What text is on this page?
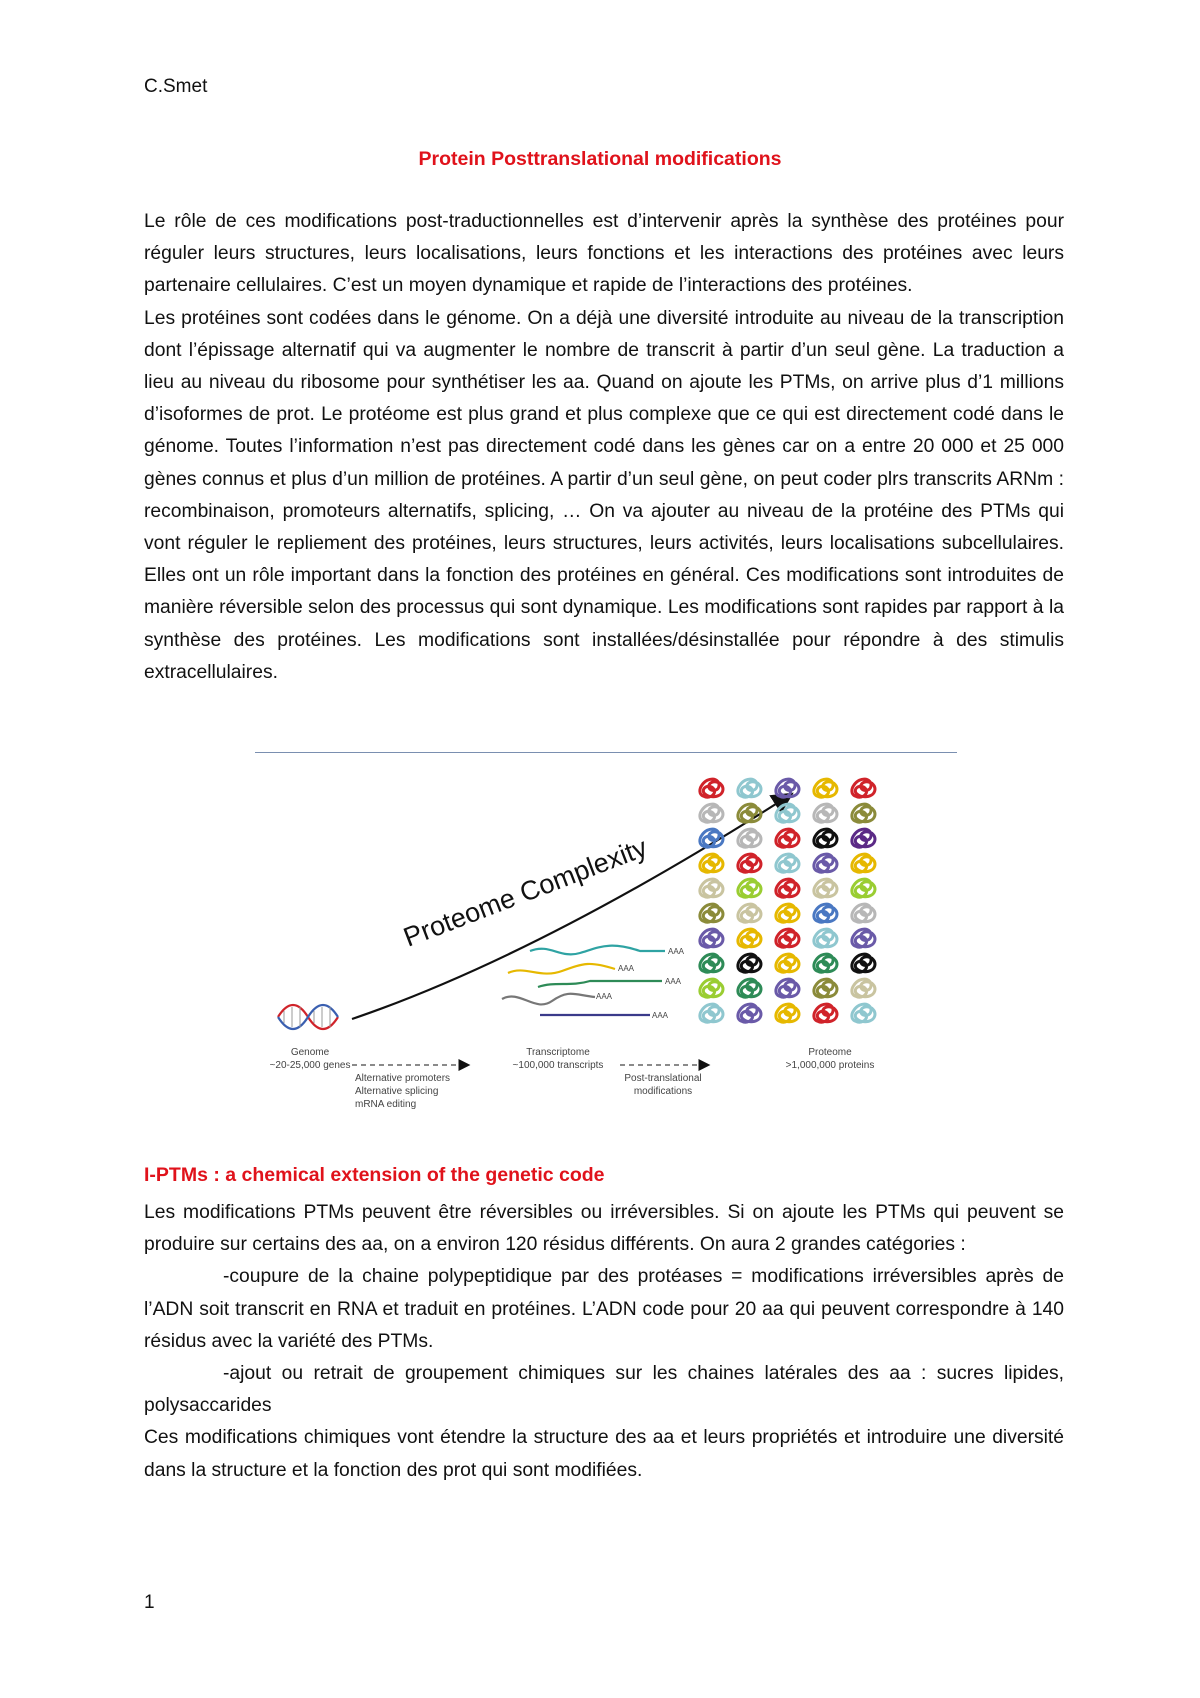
C.Smet
Protein Posttranslational modifications

Le rôle de ces modifications post-traductionnelles est d’intervenir après la synthèse des protéines pour réguler leurs structures, leurs localisations, leurs fonctions et les interactions des protéines avec leurs partenaire cellulaires. C’est un moyen dynamique et rapide de l’interactions des protéines.

Les protéines sont codées dans le génome. On a déjà une diversité introduite au niveau de la transcription dont l’épissage alternatif qui va augmenter le nombre de transcrit à partir d’un seul gène. La traduction a lieu au niveau du ribosome pour synthétiser les aa. Quand on ajoute les PTMs, on arrive plus d’1 millions d’isoformes de prot. Le protéome est plus grand et plus complexe que ce qui est directement codé dans le génome. Toutes l’information n’est pas directement codé dans les gènes car on a entre 20 000 et 25 000 gènes connus et plus d’un million de protéines. A partir d’un seul gène, on peut coder plrs transcrits ARNm : recombinaison, promoteurs alternatifs, splicing, … On va ajouter au niveau de la protéine des PTMs qui vont réguler le repliement des protéines, leurs structures, leurs activités, leurs localisations subcellulaires. Elles ont un rôle important dans la fonction des protéines en général. Ces modifications sont introduites de manière réversible selon des processus qui sont dynamique. Les modifications sont rapides par rapport à la synthèse des protéines. Les modifications sont installées/désinstallée pour répondre à des stimulis extracellulaires.

Proteome Complexity AAA
AAA
AAA
AAA
AAA
Genome
~20-25,000 genes
Transcriptome
~100,000 transcripts
Proteome
>1,000,000 proteins
Alternative promoters
Alternative splicing
mRNA editing
Post-translational
modifications
I-PTMs : a chemical extension of the genetic code

Les modifications PTMs peuvent être réversibles ou irréversibles. Si on ajoute les PTMs qui peuvent se produire sur certains des aa, on a environ 120 résidus différents. On aura 2 grandes catégories :

-coupure de la chaine polypeptidique par des protéases = modifications irréversibles après de l’ADN soit transcrit en RNA et traduit en protéines. L’ADN code pour 20 aa qui peuvent correspondre à 140 résidus avec la variété des PTMs.

-ajout ou retrait de groupement chimiques sur les chaines latérales des aa : sucres lipides, polysaccarides

Ces modifications chimiques vont étendre la structure des aa et leurs propriétés et introduire une diversité dans la structure et la fonction des prot qui sont modifiées.

1
